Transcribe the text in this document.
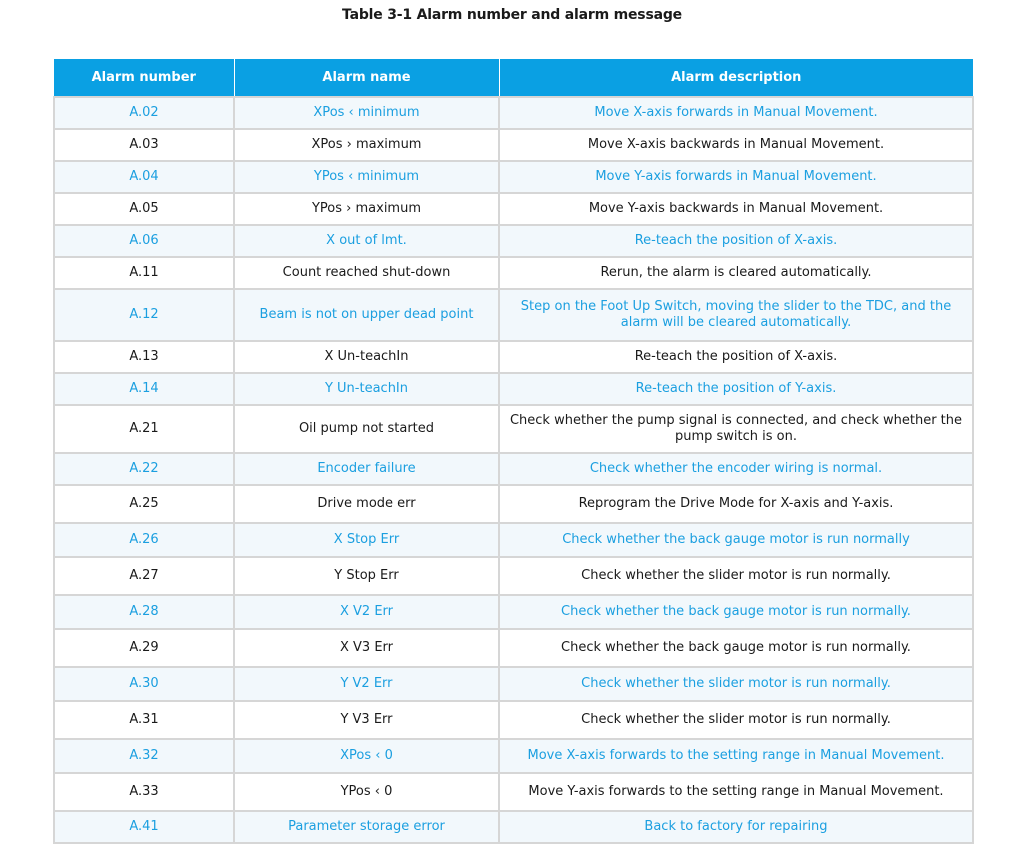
Table 3-1 Alarm number and alarm message
Alarm number	Alarm name	Alarm description
A.02	XPos ‹ minimum	Move X-axis forwards in Manual Movement.
A.03	XPos › maximum	Move X-axis backwards in Manual Movement.
A.04	YPos ‹ minimum	Move Y-axis forwards in Manual Movement.
A.05	YPos › maximum	Move Y-axis backwards in Manual Movement.
A.06	X out of lmt.	Re-teach the position of X-axis.
A.11	Count reached shut-down	Rerun, the alarm is cleared automatically.
A.12	Beam is not on upper dead point	Step on the Foot Up Switch, moving the slider to the TDC, and the alarm will be cleared automatically.
A.13	X Un-teachIn	Re-teach the position of X-axis.
A.14	Y Un-teachIn	Re-teach the position of Y-axis.
A.21	Oil pump not started	Check whether the pump signal is connected, and check whether the pump switch is on.
A.22	Encoder failure	Check whether the encoder wiring is normal.
A.25	Drive mode err	Reprogram the Drive Mode for X-axis and Y-axis.
A.26	X Stop Err	Check whether the back gauge motor is run normally
A.27	Y Stop Err	Check whether the slider motor is run normally.
A.28	X V2 Err	Check whether the back gauge motor is run normally.
A.29	X V3 Err	Check whether the back gauge motor is run normally.
A.30	Y V2 Err	Check whether the slider motor is run normally.
A.31	Y V3 Err	Check whether the slider motor is run normally.
A.32	XPos ‹ 0	Move X-axis forwards to the setting range in Manual Movement.
A.33	YPos ‹ 0	Move Y-axis forwards to the setting range in Manual Movement.
A.41	Parameter storage error	Back to factory for repairing
